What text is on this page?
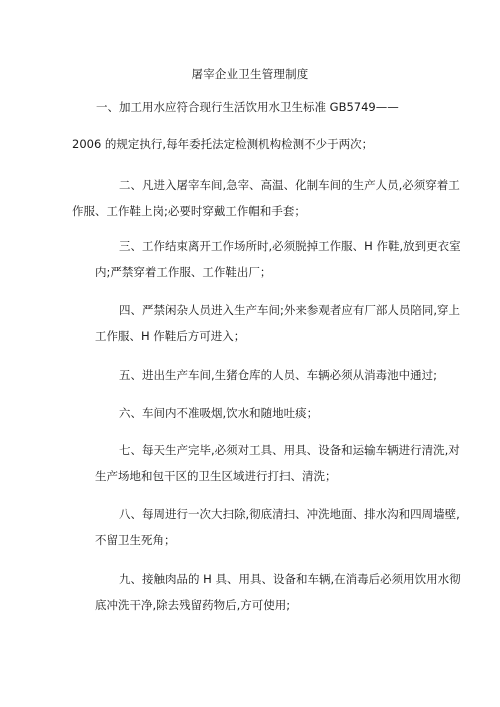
屠宰企业卫生管理制度
一、加工用水应符合现行生活饮用水卫生标准 GB5749——
2006 的规定执行,每年委托法定检测机构检测不少于两次；
二、凡进入屠宰车间,急宰、高温、化制车间的生产人员,必须穿着工
作服、工作鞋上岗;必要时穿戴工作帽和手套；
三、工作结束离开工作场所时,必须脱掉工作服、H 作鞋,放到更衣室
内;严禁穿着工作服、工作鞋出厂；
四、严禁闲杂人员进入生产车间;外来参观者应有厂部人员陪同,穿上
工作服、H 作鞋后方可进入；
五、进出生产车间,生猪仓库的人员、车辆必须从消毒池中通过;
六、车间内不准吸烟,饮水和随地吐痰；
七、每天生产完毕,必须对工具、用具、设备和运输车辆进行清洗,对
生产场地和包干区的卫生区域进行打扫、清洗；
八、每周进行一次大扫除,彻底清扫、冲洗地面、排水沟和四周墙壁,
不留卫生死角；
九、接触肉品的 H 具、用具、设备和车辆,在消毒后必须用饮用水彻
底冲洗干净,除去残留药物后,方可使用;
